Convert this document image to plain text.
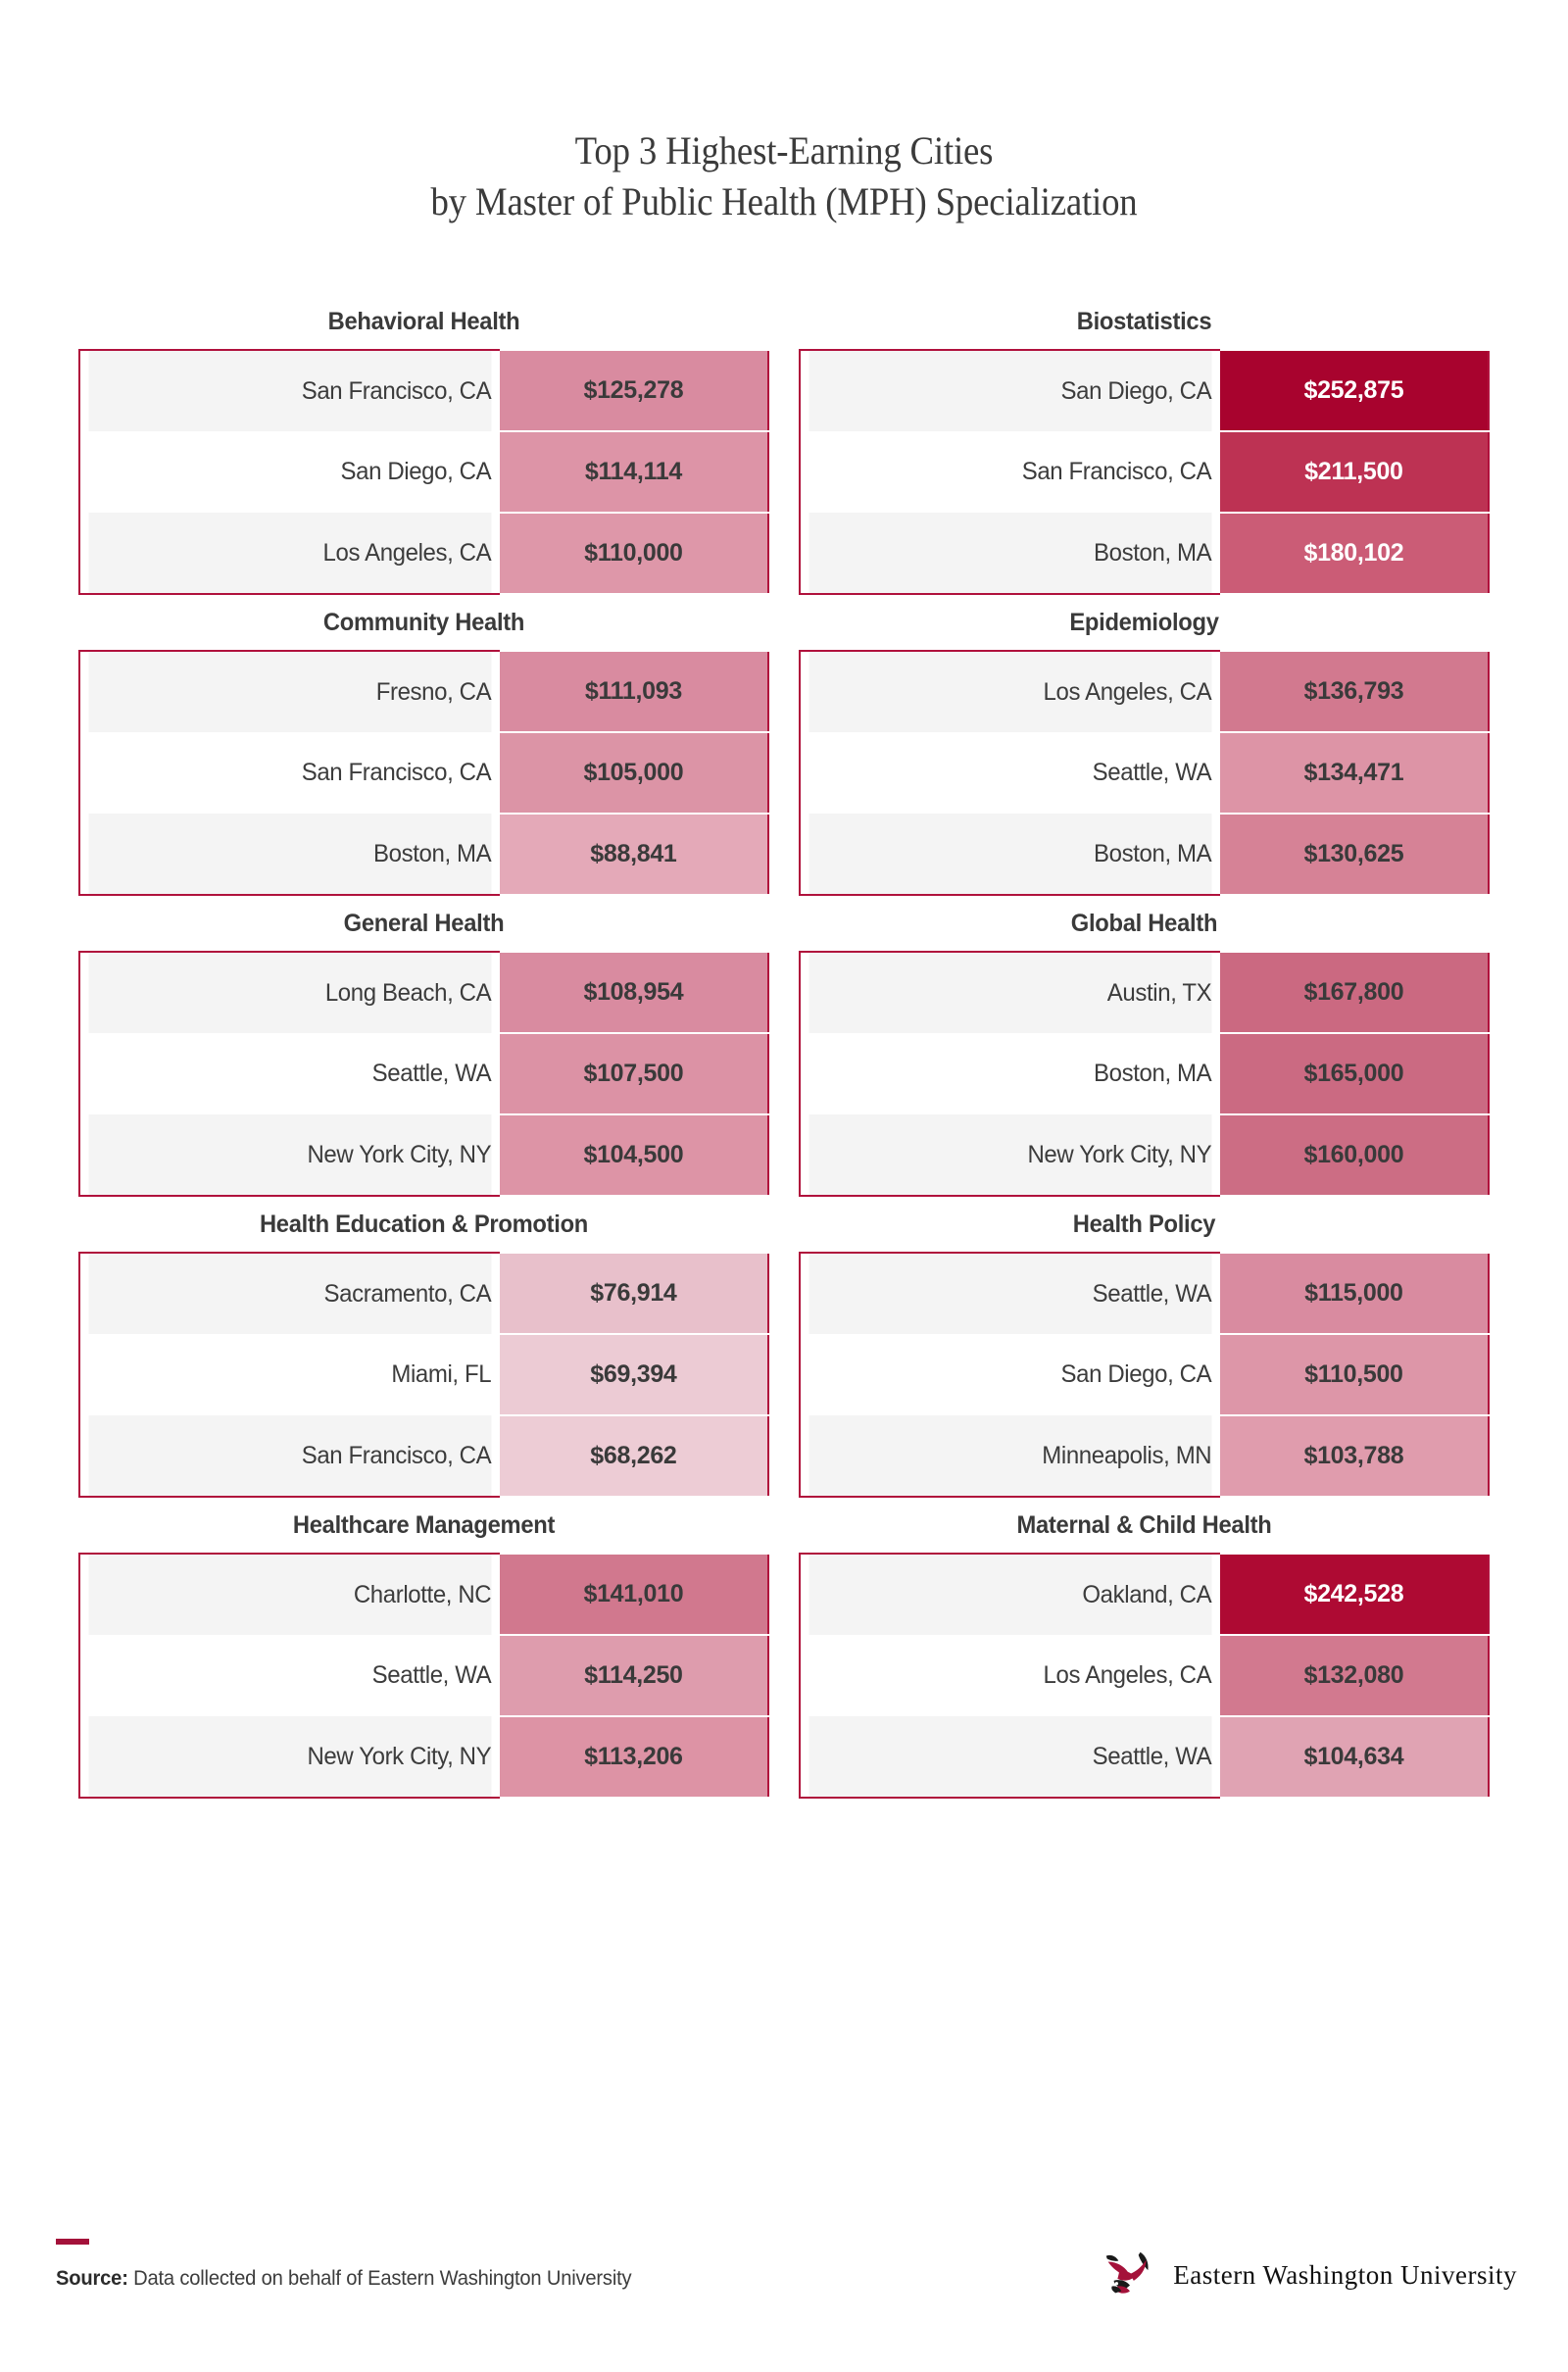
Top 3 Highest-Earning Cities
by Master of Public Health (MPH) Specialization
Behavioral Health
San Francisco, CA	$125,278
San Diego, CA	$114,114
Los Angeles, CA	$110,000
Biostatistics
San Diego, CA	$252,875
San Francisco, CA	$211,500
Boston, MA	$180,102
Community Health
Fresno, CA	$111,093
San Francisco, CA	$105,000
Boston, MA	$88,841
Epidemiology
Los Angeles, CA	$136,793
Seattle, WA	$134,471
Boston, MA	$130,625
General Health
Long Beach, CA	$108,954
Seattle, WA	$107,500
New York City, NY	$104,500
Global Health
Austin, TX	$167,800
Boston, MA	$165,000
New York City, NY	$160,000
Health Education & Promotion
Sacramento, CA	$76,914
Miami, FL	$69,394
San Francisco, CA	$68,262
Health Policy
Seattle, WA	$115,000
San Diego, CA	$110,500
Minneapolis, MN	$103,788
Healthcare Management
Charlotte, NC	$141,010
Seattle, WA	$114,250
New York City, NY	$113,206
Maternal & Child Health
Oakland, CA	$242,528
Los Angeles, CA	$132,080
Seattle, WA	$104,634
Source: Data collected on behalf of Eastern Washington University	Eastern Washington University
